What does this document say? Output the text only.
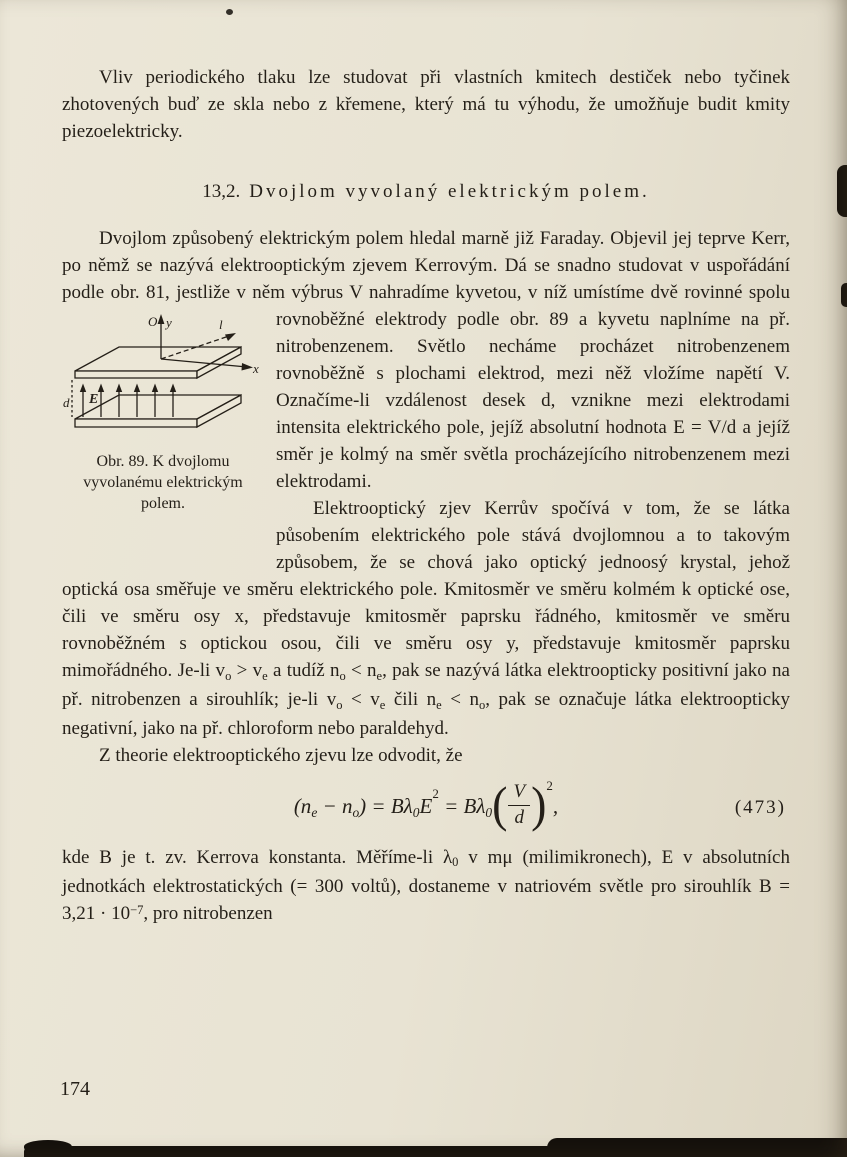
Vliv periodického tlaku lze studovat při vlastních kmitech destiček nebo tyčinek zhotovených buď ze skla nebo z křemene, který má tu výhodu, že umožňuje budit kmity piezoelektricky.

13,2. Dvojlom vyvolaný elektrickým polem.

Dvojlom způsobený elektrickým polem hledal marně již Faraday. Objevil jej teprve Kerr, po němž se nazývá elektrooptickým zjevem Kerrovým. Dá se snadno studovat v uspořádání podle obr. 81, jestliže v něm výbrus V nahradíme kyvetou, v níž umístíme dvě rovinné spolu
O y	l
x
E
d
Obr. 89. K dvojlomu vyvolanému elektrickým polem.
rovnoběžné elektrody podle obr. 89 a kyvetu naplníme na př. nitrobenzenem. Světlo necháme procházet nitrobenzenem rovnoběžně s plochami elektrod, mezi něž vložíme napětí V. Označíme-li vzdálenost desek d, vznikne mezi elektrodami intensita elektrického pole, jejíž absolutní hodnota E = V/d a jejíž směr je kolmý na směr světla procházejícího nitrobenzenem mezi elektrodami.

Elektrooptický zjev Kerrův spočívá v tom, že se látka působením elektrického pole stává dvojlomnou a to takovým způsobem, že se chová jako optický jednoosý krystal, jehož optická osa směřuje ve směru elektrického pole. Kmitosměr ve směru kolmém k optické ose, čili ve směru osy x, představuje kmitosměr paprsku řádného, kmitosměr ve směru rovnoběžném s optickou osou, čili ve směru osy y, představuje kmitosměr paprsku mimořádného. Je-li $v_o > v_e$ a tudíž $n_o < n_e$, pak se nazývá látka elektroopticky positivní jako na př. nitrobenzen a sirouhlík; je-li $v_o < v_e$ čili $n_e < n_o$, pak se označuje látka elektroopticky negativní, jako na př. chloroform nebo paraldehyd.

Z theorie elektrooptického zjevu lze odvodit, že

$(n_e - n_o) = B\lambda_0E^2 = B\lambda_0( \frac{V}{d} )^2$,	(473)

kde B je t. zv. Kerrova konstanta. Měříme-li $\lambda_0$ v mμ (milimikronech), E v absolutních jednotkách elektrostatických (= 300 voltů), dostaneme v natriovém světle pro sirouhlík $B = 3,21 \cdot 10^{-7}$, pro nitrobenzen

174
